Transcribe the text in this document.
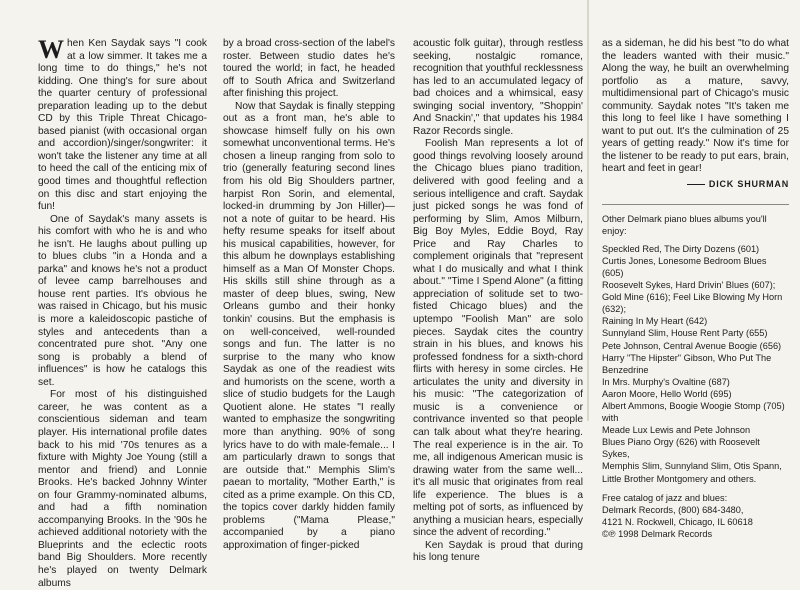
When Ken Saydak says "I cook at a low simmer. It takes me a long time to do things," he's not kidding. One thing's for sure about the quarter century of professional preparation leading up to the debut CD by this Triple Threat Chicago-based pianist (with occasional organ and accordion)/singer/songwriter: it won't take the listener any time at all to heed the call of the enticing mix of good times and thoughtful reflection on this disc and start enjoying the fun!

One of Saydak's many assets is his comfort with who he is and who he isn't. He laughs about pulling up to blues clubs "in a Honda and a parka" and knows he's not a product of levee camp barrelhouses and house rent parties. It's obvious he was raised in Chicago, but his music is more a kaleidoscopic pastiche of styles and antecedents than a concentrated pure shot. "Any one song is probably a blend of influences" is how he catalogs this set.

For most of his distinguished career, he was content as a conscientious sideman and team player. His international profile dates back to his mid '70s tenures as a fixture with Mighty Joe Young (still a mentor and friend) and Lonnie Brooks. He's backed Johnny Winter on four Grammy-nominated albums, and had a fifth nomination accompanying Brooks. In the '90s he achieved additional notoriety with the Blueprints and the eclectic roots band Big Shoulders. More recently he's played on twenty Delmark albums

by a broad cross-section of the label's roster. Between studio dates he's toured the world; in fact, he headed off to South Africa and Switzerland after finishing this project.

Now that Saydak is finally stepping out as a front man, he's able to showcase himself fully on his own somewhat unconventional terms. He's chosen a lineup ranging from solo to trio (generally featuring second lines from his old Big Shoulders partner, harpist Ron Sorin, and elemental, locked-in drumming by Jon Hiller)—not a note of guitar to be heard. His hefty resume speaks for itself about his musical capabilities, however, for this album he downplays establishing himself as a Man Of Monster Chops. His skills still shine through as a master of deep blues, swing, New Orleans gumbo and their honky tonkin' cousins. But the emphasis is on well-conceived, well-rounded songs and fun. The latter is no surprise to the many who know Saydak as one of the readiest wits and humorists on the scene, worth a slice of studio budgets for the Laugh Quotient alone. He states "I really wanted to emphasize the songwriting more than anything. 90% of song lyrics have to do with male-female... I am particularly drawn to songs that are outside that." Memphis Slim's paean to mortality, "Mother Earth," is cited as a prime example. On this CD, the topics cover darkly hidden family problems ("Mama Please," accompanied by a piano approximation of finger-picked

acoustic folk guitar), through restless seeking, nostalgic romance, recognition that youthful recklessness has led to an accumulated legacy of bad choices and a whimsical, easy swinging social inventory, "Shoppin' And Snackin'," that updates his 1984 Razor Records single.

Foolish Man represents a lot of good things revolving loosely around the Chicago blues piano tradition, delivered with good feeling and a serious intelligence and craft. Saydak just picked songs he was fond of performing by Slim, Amos Milburn, Big Boy Myles, Eddie Boyd, Ray Price and Ray Charles to complement originals that "represent what I do musically and what I think about." "Time I Spend Alone" (a fitting appreciation of solitude set to two-fisted Chicago blues) and the uptempo "Foolish Man" are solo pieces. Saydak cites the country strain in his blues, and knows his professed fondness for a sixth-chord flirts with heresy in some circles. He articulates the unity and diversity in his music: "The categorization of music is a convenience or contrivance invented so that people can talk about what they're hearing. The real experience is in the air. To me, all indigenous American music is drawing water from the same well... it's all music that originates from real life experience. The blues is a melting pot of sorts, as influenced by anything a musician hears, especially since the advent of recording."

Ken Saydak is proud that during his long tenure

as a sideman, he did his best "to do what the leaders wanted with their music." Along the way, he built an overwhelming portfolio as a mature, savvy, multidimensional part of Chicago's music community. Saydak notes "It's taken me this long to feel like I have something I want to put out. It's the culmination of 25 years of getting ready." Now it's time for the listener to be ready to put ears, brain, heart and feet in gear!

DICK SHURMAN
Other Delmark piano blues albums you'll enjoy:
Speckled Red, The Dirty Dozens (601)
Curtis Jones, Lonesome Bedroom Blues (605)
Roosevelt Sykes, Hard Drivin' Blues (607);
Gold Mine (616); Feel Like Blowing My Horn (632);
Raining In My Heart (642)
Sunnyland Slim, House Rent Party (655)
Pete Johnson, Central Avenue Boogie (656)
Harry "The Hipster" Gibson, Who Put The Benzedrine
In Mrs. Murphy's Ovaltine (687)
Aaron Moore, Hello World (695)
Albert Ammons, Boogie Woogie Stomp (705) with
Meade Lux Lewis and Pete Johnson
Blues Piano Orgy (626) with Roosevelt Sykes,
Memphis Slim, Sunnyland Slim, Otis Spann,
Little Brother Montgomery and others.
Free catalog of jazz and blues:
Delmark Records, (800) 684-3480,
4121 N. Rockwell, Chicago, IL 60618
©℗ 1998 Delmark Records
